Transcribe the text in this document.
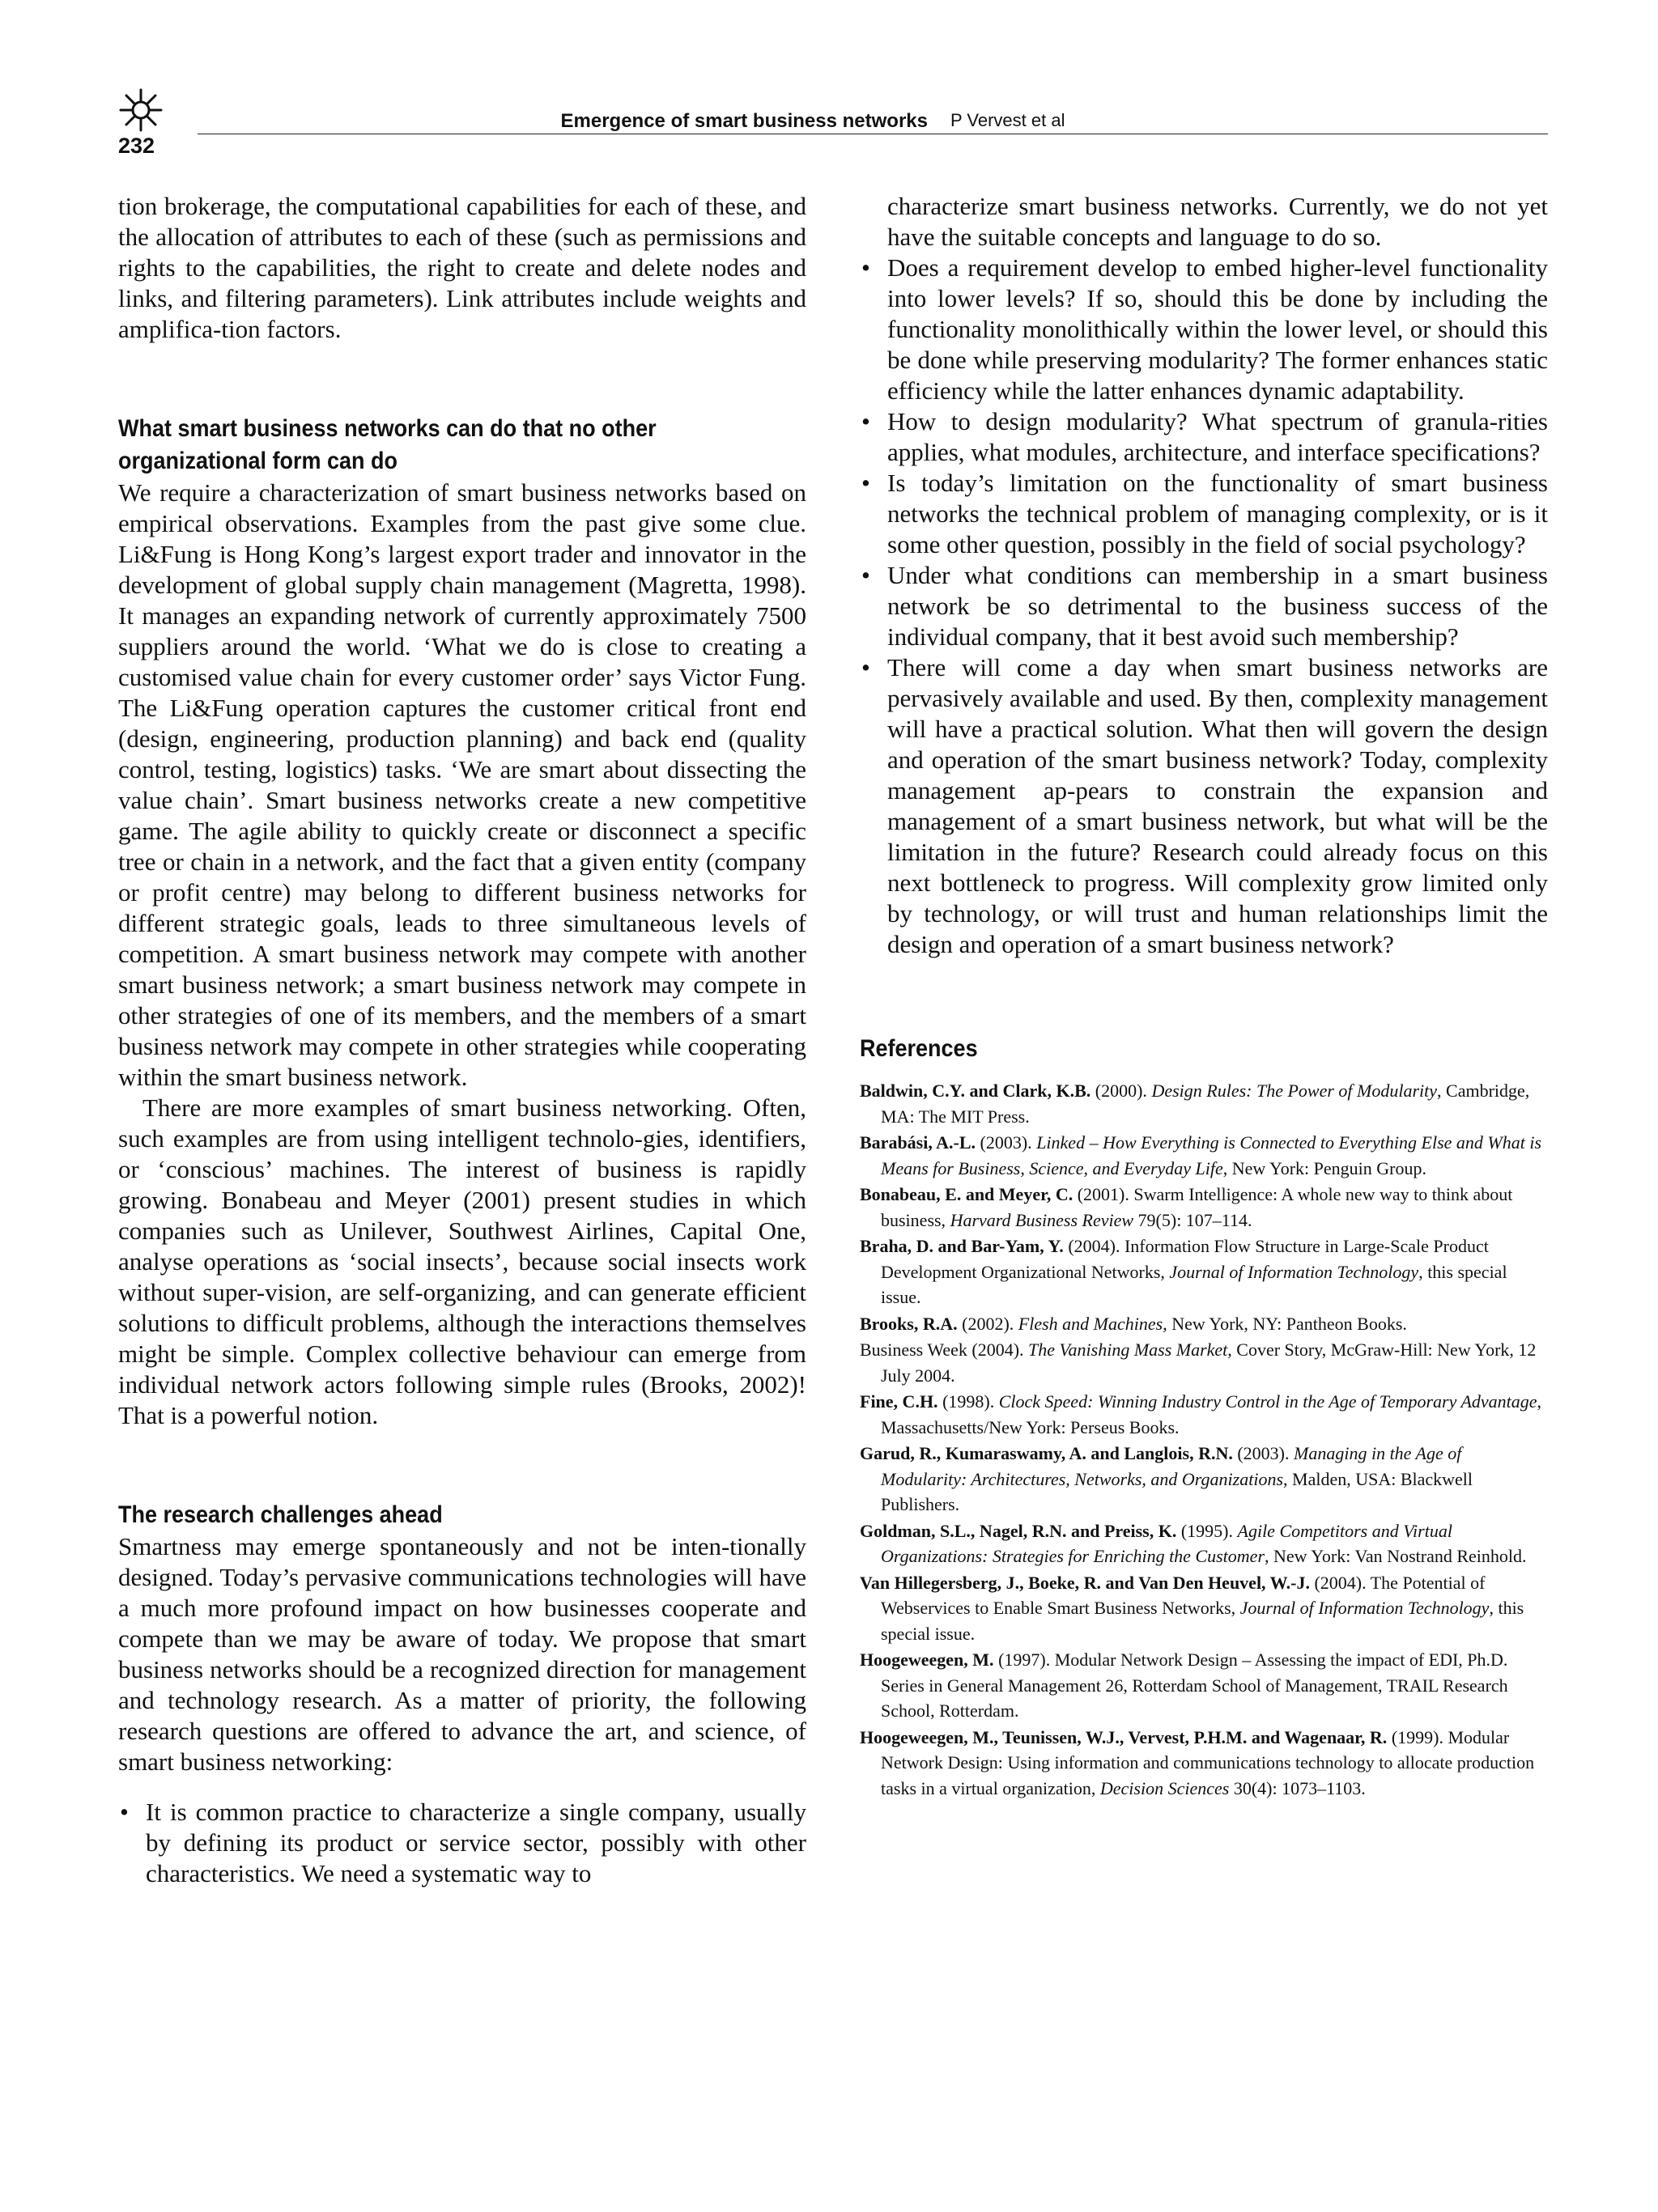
232
Emergence of smart business networks P Vervest et al

tion brokerage, the computational capabilities for each of these, and the allocation of attributes to each of these (such as permissions and rights to the capabilities, the right to create and delete nodes and links, and filtering parameters). Link attributes include weights and amplifica-tion factors.

What smart business networks can do that no other organizational form can do

We require a characterization of smart business networks based on empirical observations. Examples from the past give some clue. Li&Fung is Hong Kong’s largest export trader and innovator in the development of global supply chain management (Magretta, 1998). It manages an expanding network of currently approximately 7500 suppliers around the world. ‘What we do is close to creating a customised value chain for every customer order’ says Victor Fung. The Li&Fung operation captures the customer critical front end (design, engineering, production planning) and back end (quality control, testing, logistics) tasks. ‘We are smart about dissecting the value chain’. Smart business networks create a new competitive game. The agile ability to quickly create or disconnect a specific tree or chain in a network, and the fact that a given entity (company or profit centre) may belong to different business networks for different strategic goals, leads to three simultaneous levels of competition. A smart business network may compete with another smart business network; a smart business network may compete in other strategies of one of its members, and the members of a smart business network may compete in other strategies while cooperating within the smart business network.

There are more examples of smart business networking. Often, such examples are from using intelligent technolo-gies, identifiers, or ‘conscious’ machines. The interest of business is rapidly growing. Bonabeau and Meyer (2001) present studies in which companies such as Unilever, Southwest Airlines, Capital One, analyse operations as ‘social insects’, because social insects work without super-vision, are self-organizing, and can generate efficient solutions to difficult problems, although the interactions themselves might be simple. Complex collective behaviour can emerge from individual network actors following simple rules (Brooks, 2002)! That is a powerful notion.

The research challenges ahead

Smartness may emerge spontaneously and not be inten-tionally designed. Today’s pervasive communications technologies will have a much more profound impact on how businesses cooperate and compete than we may be aware of today. We propose that smart business networks should be a recognized direction for management and technology research. As a matter of priority, the following research questions are offered to advance the art, and science, of smart business networking:

• It is common practice to characterize a single company, usually by defining its product or service sector, possibly with other characteristics. We need a systematic way to
characterize smart business networks. Currently, we do not yet have the suitable concepts and language to do so.
• Does a requirement develop to embed higher-level functionality into lower levels? If so, should this be done by including the functionality monolithically within the lower level, or should this be done while preserving modularity? The former enhances static efficiency while the latter enhances dynamic adaptability.
• How to design modularity? What spectrum of granula-rities applies, what modules, architecture, and interface specifications?
• Is today’s limitation on the functionality of smart business networks the technical problem of managing complexity, or is it some other question, possibly in the field of social psychology?
• Under what conditions can membership in a smart business network be so detrimental to the business success of the individual company, that it best avoid such membership?
• There will come a day when smart business networks are pervasively available and used. By then, complexity management will have a practical solution. What then will govern the design and operation of the smart business network? Today, complexity management ap-pears to constrain the expansion and management of a smart business network, but what will be the limitation in the future? Research could already focus on this next bottleneck to progress. Will complexity grow limited only by technology, or will trust and human relationships limit the design and operation of a smart business network?
References
Baldwin, C.Y. and Clark, K.B. (2000). Design Rules: The Power of Modularity, Cambridge, MA: The MIT Press.
Barabási, A.-L. (2003). Linked – How Everything is Connected to Everything Else and What is Means for Business, Science, and Everyday Life, New York: Penguin Group.
Bonabeau, E. and Meyer, C. (2001). Swarm Intelligence: A whole new way to think about business, Harvard Business Review 79(5): 107–114.
Braha, D. and Bar-Yam, Y. (2004). Information Flow Structure in Large-Scale Product Development Organizational Networks, Journal of Information Technology, this special issue.
Brooks, R.A. (2002). Flesh and Machines, New York, NY: Pantheon Books.
Business Week (2004). The Vanishing Mass Market, Cover Story, McGraw-Hill: New York, 12 July 2004.
Fine, C.H. (1998). Clock Speed: Winning Industry Control in the Age of Temporary Advantage, Massachusetts/New York: Perseus Books.
Garud, R., Kumaraswamy, A. and Langlois, R.N. (2003). Managing in the Age of Modularity: Architectures, Networks, and Organizations, Malden, USA: Blackwell Publishers.
Goldman, S.L., Nagel, R.N. and Preiss, K. (1995). Agile Competitors and Virtual Organizations: Strategies for Enriching the Customer, New York: Van Nostrand Reinhold.
Van Hillegersberg, J., Boeke, R. and Van Den Heuvel, W.-J. (2004). The Potential of Webservices to Enable Smart Business Networks, Journal of Information Technology, this special issue.
Hoogeweegen, M. (1997). Modular Network Design – Assessing the impact of EDI, Ph.D. Series in General Management 26, Rotterdam School of Management, TRAIL Research School, Rotterdam.
Hoogeweegen, M., Teunissen, W.J., Vervest, P.H.M. and Wagenaar, R. (1999). Modular Network Design: Using information and communications technology to allocate production tasks in a virtual organization, Decision Sciences 30(4): 1073–1103.
